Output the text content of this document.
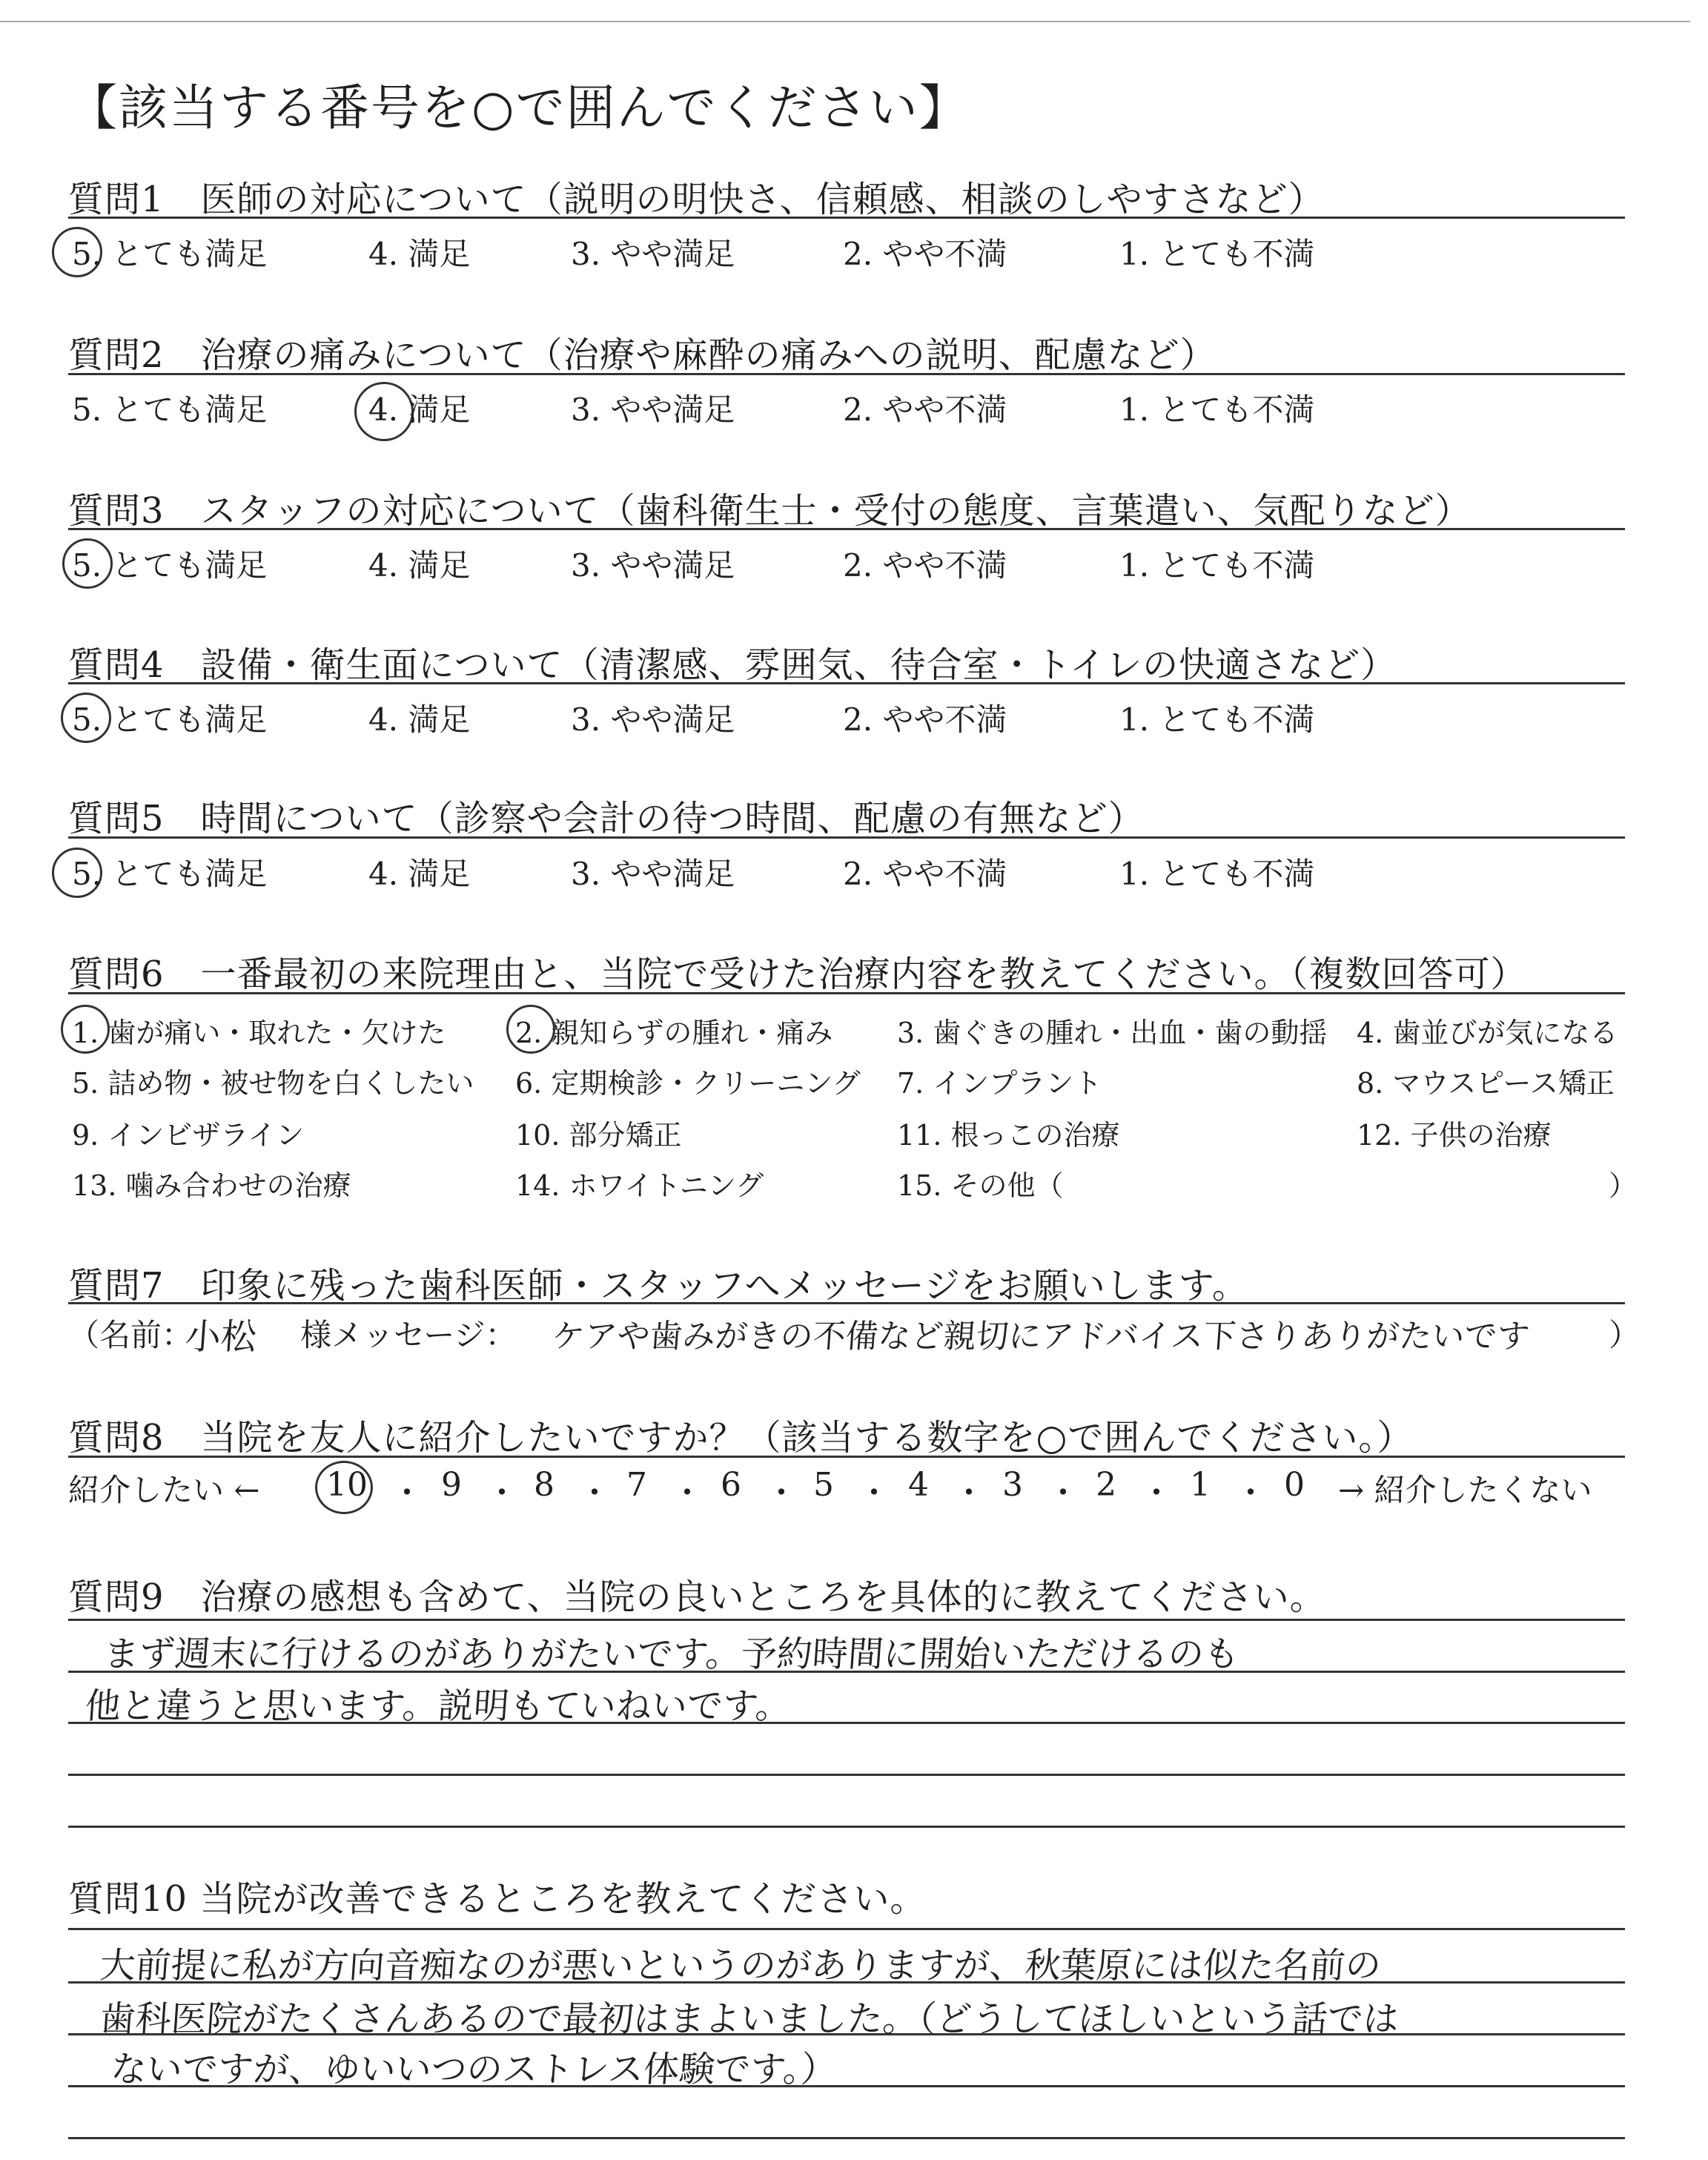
【該当する番号を○で囲んでください】
質問1　医師の対応について（説明の明快さ、信頼感、相談のしやすさなど）
5. とても満足	4. 満足	3. やや満足	2. やや不満	1. とても不満
質問2　治療の痛みについて（治療や麻酔の痛みへの説明、配慮など）
5. とても満足	4. 満足	3. やや満足	2. やや不満	1. とても不満
質問3　スタッフの対応について（歯科衛生士・受付の態度、言葉遣い、気配りなど）
5. とても満足	4. 満足	3. やや満足	2. やや不満	1. とても不満
質問4　設備・衛生面について（清潔感、雰囲気、待合室・トイレの快適さなど）
5. とても満足	4. 満足	3. やや満足	2. やや不満	1. とても不満
質問5　時間について（診察や会計の待つ時間、配慮の有無など）
5. とても満足	4. 満足	3. やや満足	2. やや不満	1. とても不満
質問6　一番最初の来院理由と、当院で受けた治療内容を教えてください。（複数回答可）
1. 歯が痛い・取れた・欠けた 2. 親知らずの腫れ・痛み 3. 歯ぐきの腫れ・出血・歯の動揺 4. 歯並びが気になる
5. 詰め物・被せ物を白くしたい 6. 定期検診・クリーニング 7. インプラント	8. マウスピース矯正
9. インビザライン	10. 部分矯正	11. 根っこの治療	12. 子供の治療
13. 噛み合わせの治療	14. ホワイトニング	15. その他（	）
質問7　印象に残った歯科医師・スタッフへメッセージをお願いします。
（名前：
小松 様メッセージ： ケアや歯みがきの不備など親切にアドバイス下さりありがたいです ）
質問8　当院を友人に紹介したいですか？（該当する数字を○で囲んでください。）
紹介したい ← 10 ・ 9 ・ 8 ・ 7 ・ 6 ・ 5 ・ 4 ・ 3 ・ 2 ・ 1 ・ 0 → 紹介したくない
質問9　治療の感想も含めて、当院の良いところを具体的に教えてください。
まず週末に行けるのがありがたいです。予約時間に開始いただけるのも
他と違うと思います。説明もていねいです。
質問10 当院が改善できるところを教えてください。
大前提に私が方向音痴なのが悪いというのがありますが、秋葉原には似た名前の
歯科医院がたくさんあるので最初はまよいました。（どうしてほしいという話では
ないですが、ゆいいつのストレス体験です。）
